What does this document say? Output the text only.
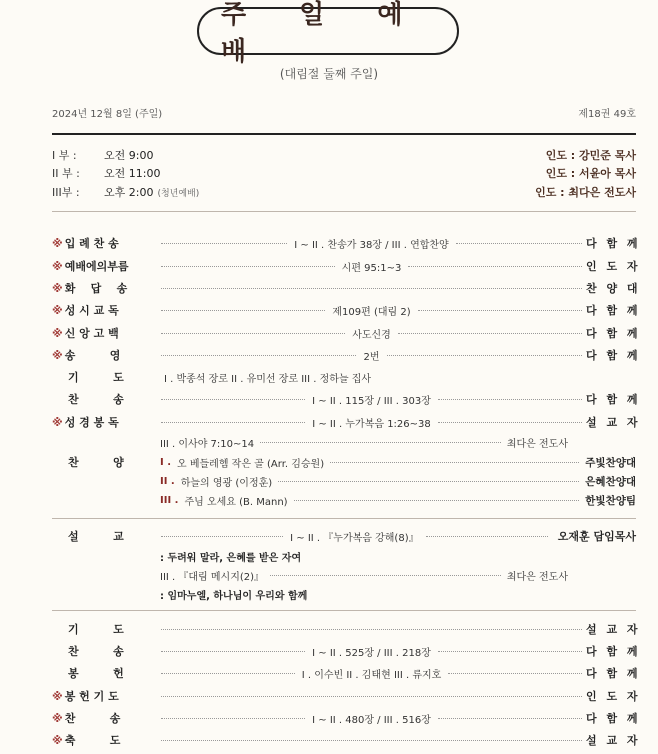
주 일 예 배
(대림절 둘째 주일)
2024년 12월 8일 (주일)	제18권 49호
I 부 :	오전 9:00	인도 : 강민준 목사
II 부 :	오전 11:00	인도 : 서윤아 목사
III부 :	오후 2:00 (청년예배)	인도 : 최다은 전도사
※ 입 례 찬 송	I ~ II . 찬송가 38장 / III . 연합찬양	다 함 께
※ 예배에의부름	시편 95:1~3	인 도 자
※ 화    답    송	찬 양 대
※ 성 시 교 독	제109편 (대림 2)	다 함 께
※ 신 앙 고 백	사도신경	다 함 께
※ 송         영	2번	다 함 께
기         도	I . 박종석 장로 II . 유미선 장로 III . 정하늘 집사
찬         송	I ~ II . 115장 / III . 303장	다 함 께
※ 성 경 봉 독	I ~ II . 누가복음 1:26~38	설 교 자
III . 이사야 7:10~14	최다은 전도사
찬         양	I . 오 베들레헴 작은 골 (Arr. 김승원)	주빛찬양대
II . 하늘의 영광 (이정훈)	은혜찬양대
III . 주님 오세요 (B. Mann)	한빛찬양팀
설         교	I ~ II . 『누가복음 강해(8)』	오재훈 담임목사
: 두려워 말라, 은혜를 받은 자여
III . 『대림 메시지(2)』	최다은 전도사
: 임마누엘, 하나님이 우리와 함께
기         도	설 교 자
찬         송	I ~ II . 525장 / III . 218장	다 함 께
봉         헌	I . 이수빈 II . 김태현 III . 류지호	다 함 께
※ 봉 헌 기 도	인 도 자
※ 찬         송	I ~ II . 480장 / III . 516장	다 함 께
※ 축         도	설 교 자
